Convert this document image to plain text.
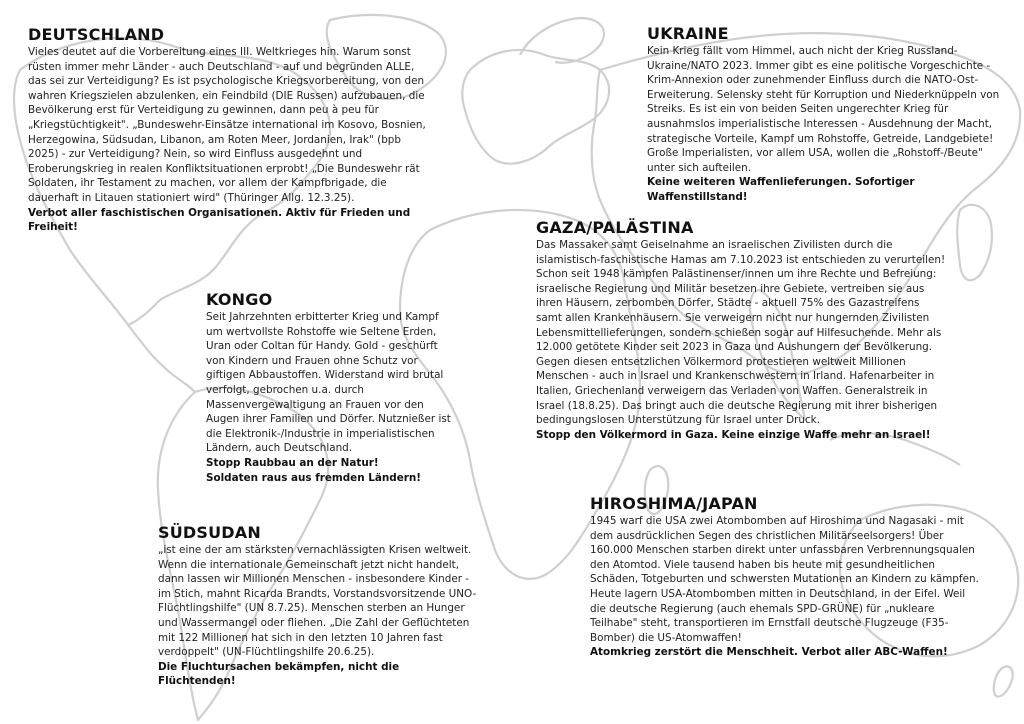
DEUTSCHLAND

Vieles deutet auf die Vorbereitung eines III. Weltkrieges hin. Warum sonst rüsten immer mehr Länder - auch Deutschland - auf und begründen ALLE, das sei zur Verteidigung? Es ist psychologische Kriegsvorbereitung, von den wahren Kriegszielen abzulenken, ein Feindbild (DIE Russen) aufzubauen, die Bevölkerung erst für Verteidigung zu gewinnen, dann peu à peu für „Kriegstüchtigkeit". „Bundeswehr-Einsätze international im Kosovo, Bosnien, Herzegowina, Südsudan, Libanon, am Roten Meer, Jordanien, Irak" (bpb 2025) - zur Verteidigung? Nein, so wird Einfluss ausgedehnt und Eroberungskrieg in realen Konfliktsituationen erprobt! „Die Bundeswehr rät Soldaten, ihr Testament zu machen, vor allem der Kampfbrigade, die dauerhaft in Litauen stationiert wird" (Thüringer Allg. 12.3.25).

Verbot aller faschistischen Organisationen. Aktiv für Frieden und Freiheit!

UKRAINE

Kein Krieg fällt vom Himmel, auch nicht der Krieg Russland-Ukraine/NATO 2023. Immer gibt es eine politische Vorgeschichte - Krim-Annexion oder zunehmender Einfluss durch die NATO-Ost-Erweiterung. Selensky steht für Korruption und Niederknüppeln von Streiks. Es ist ein von beiden Seiten ungerechter Krieg für ausnahmslos imperialistische Interessen - Ausdehnung der Macht, strategische Vorteile, Kampf um Rohstoffe, Getreide, Landgebiete! Große Imperialisten, vor allem USA, wollen die „Rohstoff-/Beute" unter sich aufteilen.

Keine weiteren Waffenlieferungen. Sofortiger Waffenstillstand!

GAZA/PALÄSTINA

Das Massaker samt Geiselnahme an israelischen Zivilisten durch die islamistisch-faschistische Hamas am 7.10.2023 ist entschieden zu verurteilen! Schon seit 1948 kämpfen Palästinenser/innen um ihre Rechte und Befreiung: israelische Regierung und Militär besetzen ihre Gebiete, vertreiben sie aus ihren Häusern, zerbomben Dörfer, Städte - aktuell 75% des Gazastreifens samt allen Krankenhäusern. Sie verweigern nicht nur hungernden Zivilisten Lebensmittellieferungen, sondern schießen sogar auf Hilfesuchende. Mehr als 12.000 getötete Kinder seit 2023 in Gaza und Aushungern der Bevölkerung. Gegen diesen entsetzlichen Völkermord protestieren weltweit Millionen Menschen - auch in Israel und Krankenschwestern in Irland. Hafenarbeiter in Italien, Griechenland verweigern das Verladen von Waffen. Generalstreik in Israel (18.8.25). Das bringt auch die deutsche Regierung mit ihrer bisherigen bedingungslosen Unterstützung für Israel unter Druck.

Stopp den Völkermord in Gaza. Keine einzige Waffe mehr an Israel!

KONGO

Seit Jahrzehnten erbitterter Krieg und Kampf um wertvollste Rohstoffe wie Seltene Erden, Uran oder Coltan für Handy. Gold - geschürft von Kindern und Frauen ohne Schutz vor giftigen Abbaustoffen. Widerstand wird brutal verfolgt, gebrochen u.a. durch Massenvergewaltigung an Frauen vor den Augen ihrer Familien und Dörfer. Nutznießer ist die Elektronik-/Industrie in imperialistischen Ländern, auch Deutschland.

Stopp Raubbau an der Natur!

Soldaten raus aus fremden Ländern!

SÜDSUDAN

„ist eine der am stärksten vernachlässigten Krisen weltweit. Wenn die internationale Gemeinschaft jetzt nicht handelt, dann lassen wir Millionen Menschen - insbesondere Kinder - im Stich, mahnt Ricarda Brandts, Vorstandsvorsitzende UNO-Flüchtlingshilfe" (UN 8.7.25). Menschen sterben an Hunger und Wassermangel oder fliehen. „Die Zahl der Geflüchteten mit 122 Millionen hat sich in den letzten 10 Jahren fast verdoppelt" (UN-Flüchtlingshilfe 20.6.25).

Die Fluchtursachen bekämpfen, nicht die Flüchtenden!

HIROSHIMA/JAPAN

1945 warf die USA zwei Atombomben auf Hiroshima und Nagasaki - mit dem ausdrücklichen Segen des christlichen Militärseelsorgers! Über 160.000 Menschen starben direkt unter unfassbaren Verbrennungsqualen den Atomtod. Viele tausend haben bis heute mit gesundheitlichen Schäden, Totgeburten und schwersten Mutationen an Kindern zu kämpfen.

Heute lagern USA-Atombomben mitten in Deutschland, in der Eifel. Weil die deutsche Regierung (auch ehemals SPD-GRÜNE) für „nukleare Teilhabe" steht, transportieren im Ernstfall deutsche Flugzeuge (F35-Bomber) die US-Atomwaffen!

Atomkrieg zerstört die Menschheit. Verbot aller ABC-Waffen!
